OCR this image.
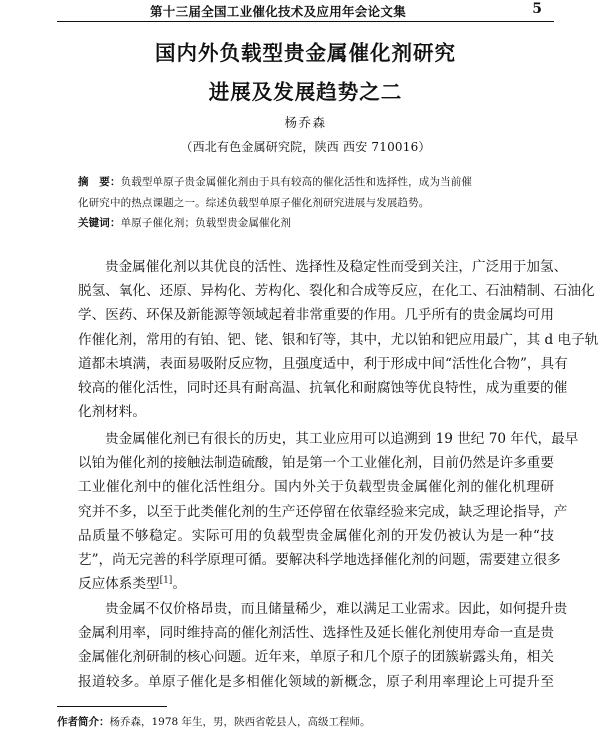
第十三届全国工业催化技术及应用年会论文集	5
国内外负载型贵金属催化剂研究
进展及发展趋势之二
杨乔森
（西北有色金属研究院，陕西 西安 710016）
摘　要：负载型单原子贵金属催化剂由于具有较高的催化活性和选择性，成为当前催
化研究中的热点课题之一。综述负载型单原子催化剂研究进展与发展趋势。
关键词：单原子催化剂；负载型贵金属催化剂
贵金属催化剂以其优良的活性、选择性及稳定性而受到关注，广泛用于加氢、
脱氢、氧化、还原、异构化、芳构化、裂化和合成等反应，在化工、石油精制、石油化
学、医药、环保及新能源等领域起着非常重要的作用。几乎所有的贵金属均可用
作催化剂，常用的有铂、钯、铑、银和钌等，其中，尤以铂和钯应用最广，其 d 电子轨
道都未填满，表面易吸附反应物，且强度适中，利于形成中间“活性化合物”，具有
较高的催化活性，同时还具有耐高温、抗氧化和耐腐蚀等优良特性，成为重要的催
化剂材料。
贵金属催化剂已有很长的历史，其工业应用可以追溯到 19 世纪 70 年代，最早
以铂为催化剂的接触法制造硫酸，铂是第一个工业催化剂，目前仍然是许多重要
工业催化剂中的催化活性组分。国内外关于负载型贵金属催化剂的催化机理研
究并不多，以至于此类催化剂的生产还停留在依靠经验来完成，缺乏理论指导，产
品质量不够稳定。实际可用的负载型贵金属催化剂的开发仍被认为是一种“技
艺”，尚无完善的科学原理可循。要解决科学地选择催化剂的问题，需要建立很多
反应体系类型[1]。
贵金属不仅价格昂贵，而且储量稀少，难以满足工业需求。因此，如何提升贵
金属利用率，同时维持高的催化剂活性、选择性及延长催化剂使用寿命一直是贵
金属催化剂研制的核心问题。近年来，单原子和几个原子的团簇崭露头角，相关
报道较多。单原子催化是多相催化领域的新概念，原子利用率理论上可提升至
作者简介：杨乔森，1978 年生，男，陕西省乾县人，高级工程师。
